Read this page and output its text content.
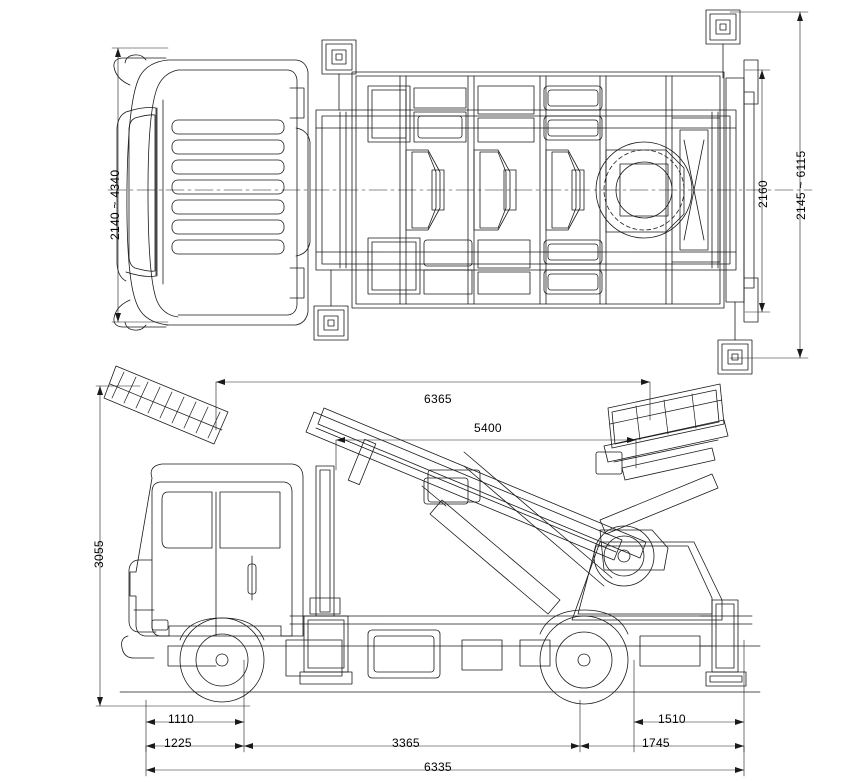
2140 ~ 4340	2160 2145 ~ 6115
3055
6365
5400
1110	1510
1225	3365	1745
6335
